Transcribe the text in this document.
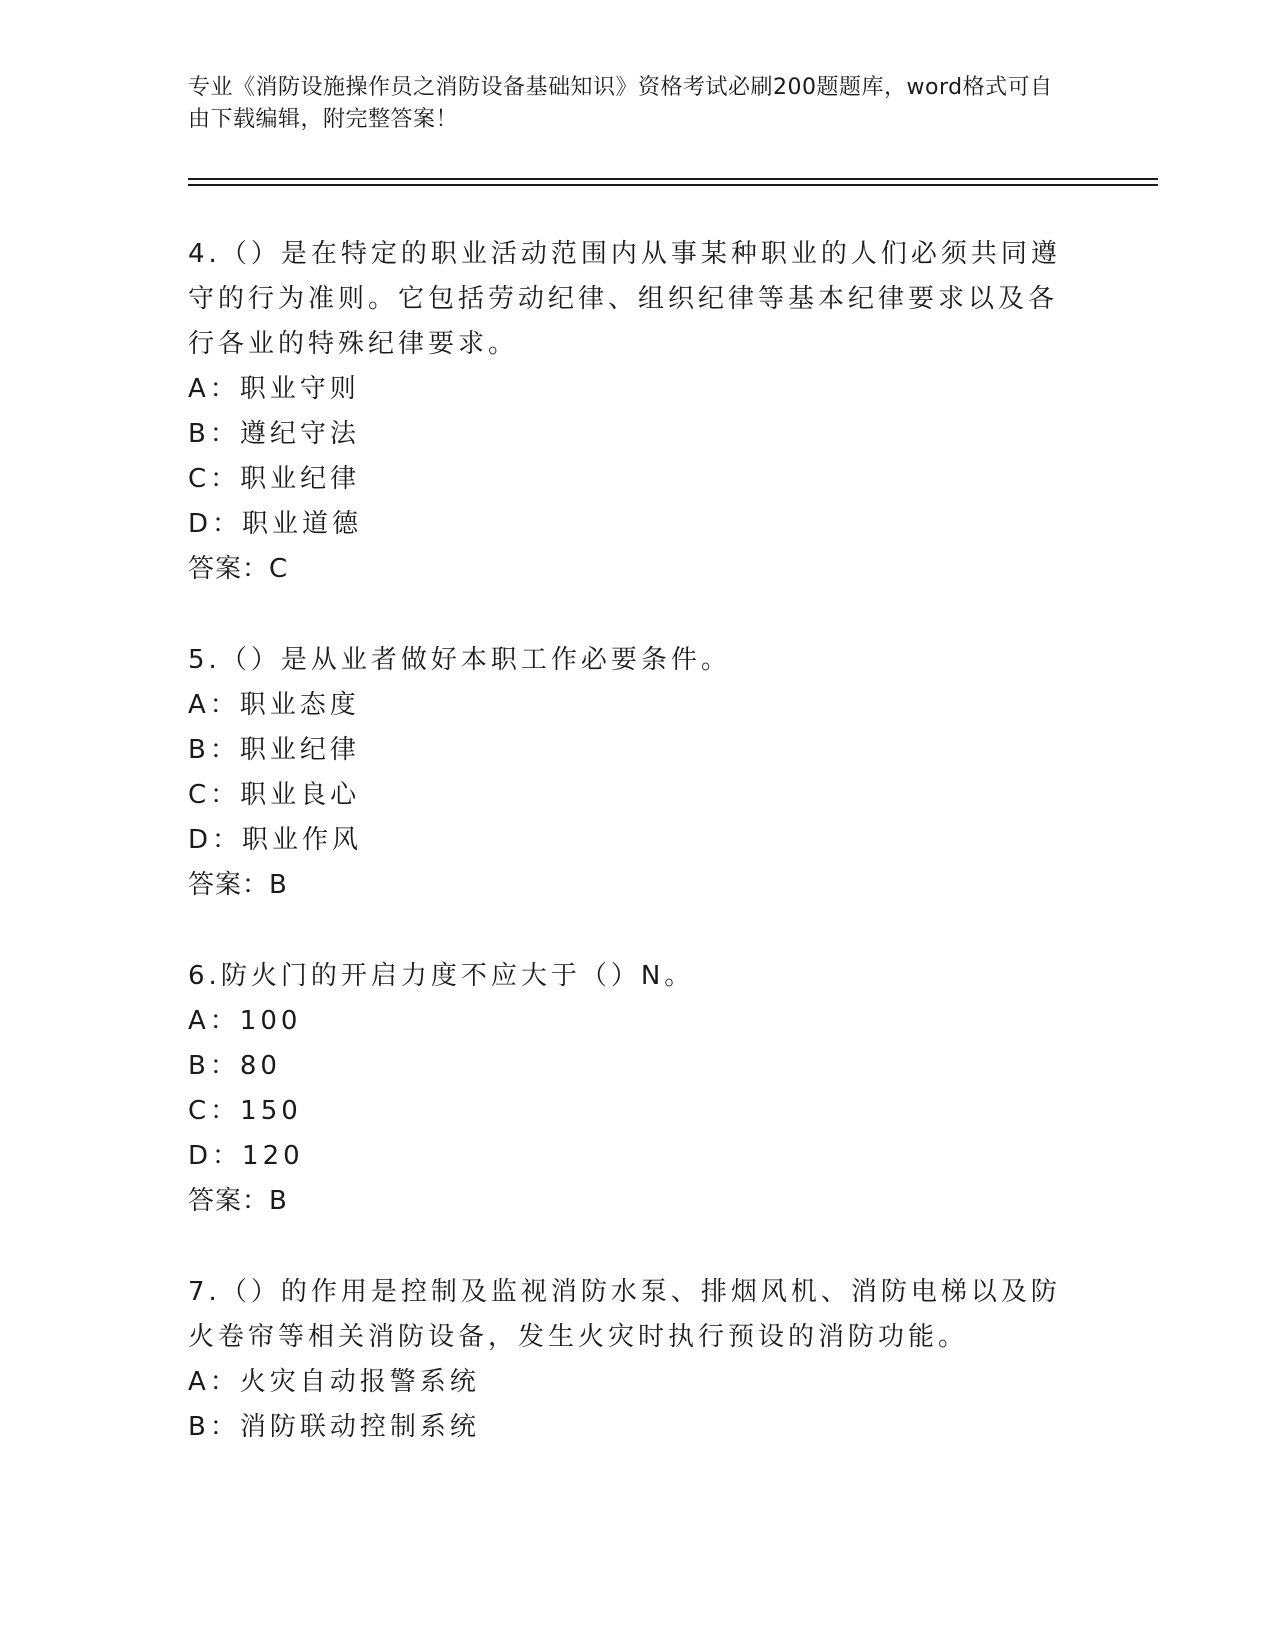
专业《消防设施操作员之消防设备基础知识》资格考试必刷200题题库，word格式可自由下载编辑，附完整答案！
4.（）是在特定的职业活动范围内从事某种职业的人们必须共同遵守的行为准则。它包括劳动纪律、组织纪律等基本纪律要求以及各行各业的特殊纪律要求。
A：职业守则
B：遵纪守法
C：职业纪律
D：职业道德
答案：C
5.（）是从业者做好本职工作必要条件。
A：职业态度
B：职业纪律
C：职业良心
D：职业作风
答案：B
6.防火门的开启力度不应大于（）N。
A：100
B：80
C：150
D：120
答案：B
7.（）的作用是控制及监视消防水泵、排烟风机、消防电梯以及防火卷帘等相关消防设备，发生火灾时执行预设的消防功能。
A：火灾自动报警系统
B：消防联动控制系统
